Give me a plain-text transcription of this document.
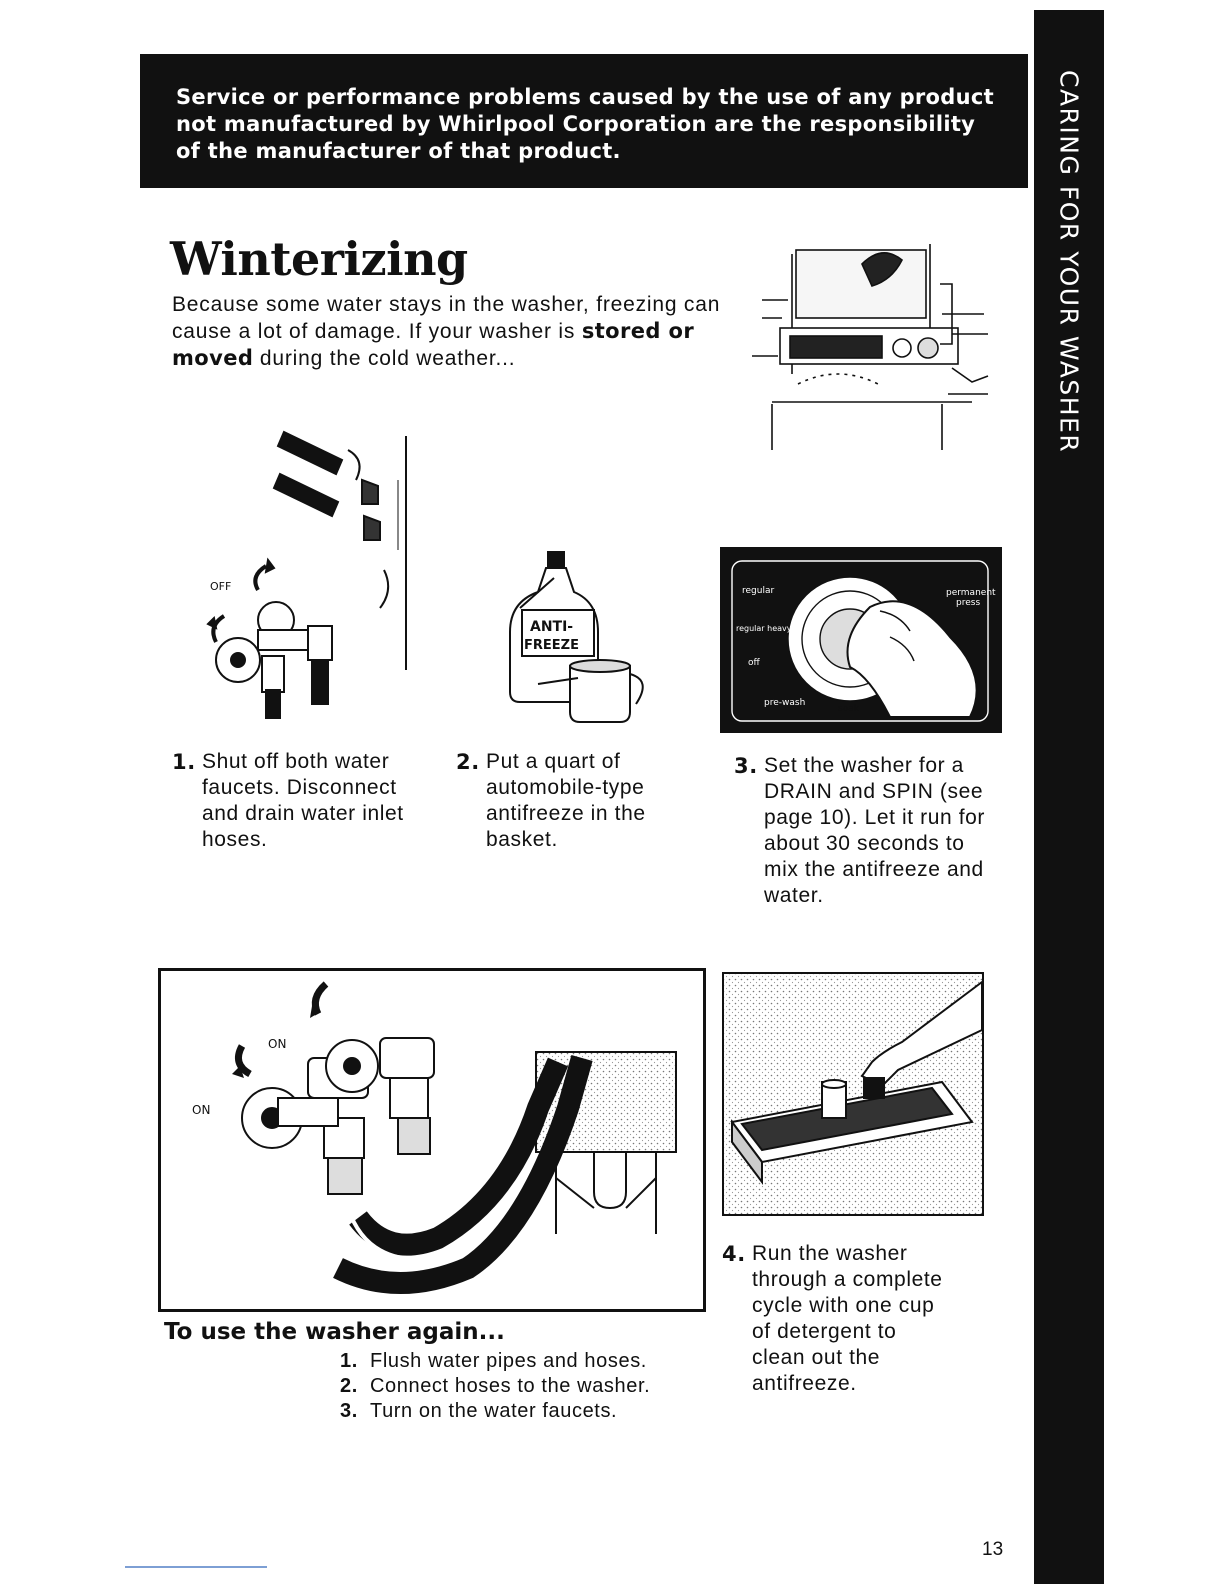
Service or performance problems caused by the use of any product not manufactured by Whirlpool Corporation are the responsibility of the manufacturer of that product.	CARING FOR YOUR WASHER
Winterizing
Because some water stays in the washer, freezing can cause a lot of damage. If your washer is stored or moved during the cold weather...
OFF
ANTI-
FREEZE
regular	permanent
press
regular heavy
off
pre-wash
soak
1. Shut off both water faucets. Disconnect and drain water inlet hoses.
2. Put a quart of automobile-type antifreeze in the basket.
3. Set the washer for a DRAIN and SPIN (see page 10). Let it run for about 30 seconds to mix the antifreeze and water.
ON
ON
4. Run the washer through a complete cycle with one cup of detergent to clean out the antifreeze.
To use the washer again...
1. Flush water pipes and hoses.
2. Connect hoses to the washer.
3. Turn on the water faucets.
13
